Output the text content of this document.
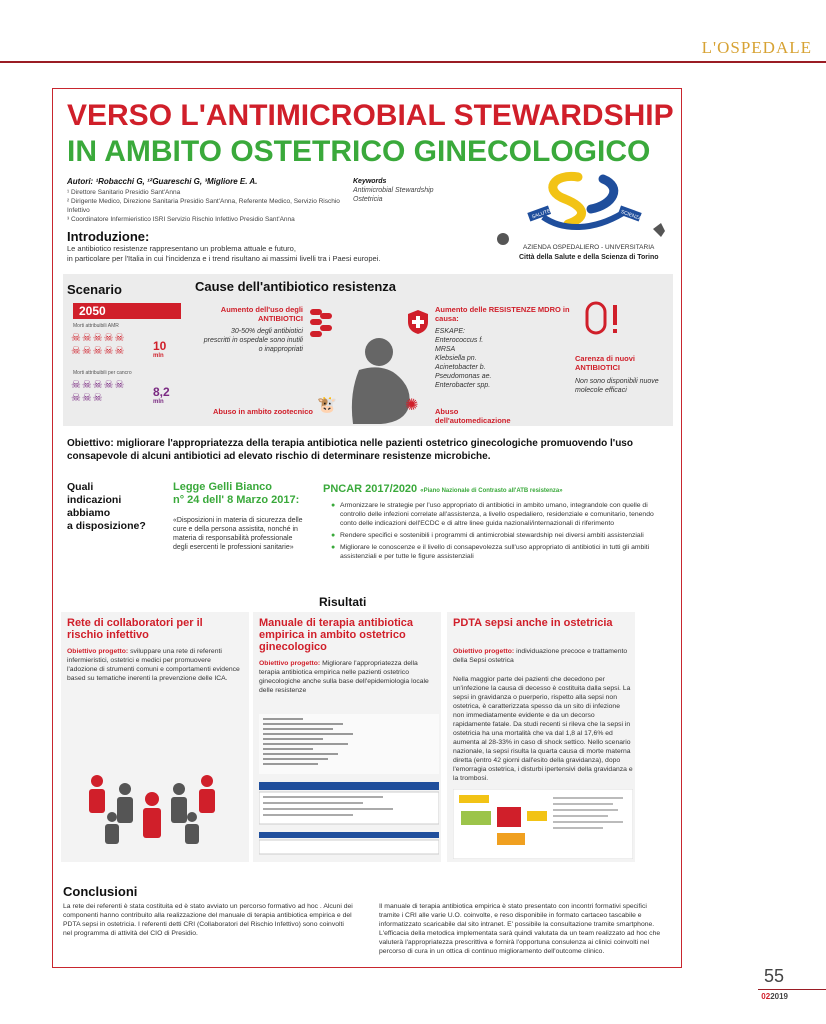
L'OSPEDALE
VERSO L'ANTIMICROBIAL STEWARDSHIP
IN AMBITO OSTETRICO GINECOLOGICO
Autori: ¹Robacchi G, ¹²Guareschi G, ³Migliore E. A.
¹ Direttore Sanitario Presidio Sant'Anna
² Dirigente Medico, Direzione Sanitaria Presidio Sant'Anna, Referente Medico, Servizio Rischio Infettivo
³ Coordinatore Infermieristico ISRI Servizio Rischio Infettivo Presidio Sant'Anna
Keywords
Antimicrobial Stewardship
Ostetricia
SALUTE	SCIENZA
AZIENDA OSPEDALIERO - UNIVERSITARIA
Città della Salute e della Scienza di Torino
Introduzione:

Le antibiotico resistenze rappresentano un problema attuale e futuro,

in particolare per l'Italia in cui l'incidenza e i trend risultano ai massimi livelli tra i Paesi europei.

Scenario	Cause dell'antibiotico resistenza
2050
Morti attribuibili AMR
☠☠☠☠☠
☠☠☠☠☠ 10
mln
Morti attribuibili per cancro
☠☠☠☠☠
☠☠☠	8,2
mln
Aumento dell'uso degli ANTIBIOTICI
30-50% degli antibiotici prescritti in ospedale sono inutili o inappropriati
Abuso in ambito zootecnico 🐮
Aumento delle RESISTENZE MDRO in causa:
ESKAPE:
Enterococcus f.
MRSA
Klebsiella pn.
Acinetobacter b.
Pseudomonas ae.
Enterobacter spp.
✺ Abuso dell'automedicazione
Carenza di nuovi ANTIBIOTICI
Non sono disponibili nuove molecole efficaci
Obiettivo: migliorare l'appropriatezza della terapia antibiotica nelle pazienti ostetrico ginecologiche promuovendo l'uso consapevole di alcuni antibiotici ad elevato rischio di determinare resistenze microbiche.
Quali
indicazioni
abbiamo
a disposizione?
Legge Gelli Bianco
n° 24 dell' 8 Marzo 2017:
«Disposizioni in materia di sicurezza delle cure e della persona assistita, nonché in materia di responsabilità professionale degli esercenti le professioni sanitarie»
PNCAR 2017/2020 «Piano Nazionale di Contrasto all'ATB resistenza»
● Armonizzare le strategie per l'uso appropriato di antibiotici in ambito umano, integrandole con quelle di controllo delle infezioni correlate all'assistenza, a livello ospedaliero, residenziale e comunitario, tenendo conto delle indicazioni dell'ECDC e di altre linee guida nazionali/internazionali di riferimento
● Rendere specifici e sostenibili i programmi di antimicrobial stewardship nei diversi ambiti assistenziali
● Migliorare le conoscenze e il livello di consapevolezza sull'uso appropriato di antibiotici in tutti gli ambiti assistenziali e per tutte le figure assistenziali
Risultati
Rete di collaboratori per il rischio infettivo
Obiettivo progetto: sviluppare una rete di referenti infermieristici, ostetrici e medici per promuovere l'adozione di strumenti comuni e comportamenti evidence based su tematiche inerenti la prevenzione delle ICA.
Manuale di terapia antibiotica empirica in ambito ostetrico ginecologico
Obiettivo progetto: Migliorare l'appropriatezza della terapia antibiotica empirica nelle pazienti ostetrico ginecologiche anche sulla base dell'epidemiologia locale delle resistenze
PDTA sepsi anche in ostetricia
Obiettivo progetto: individuazione precoce e trattamento della Sepsi ostetrica
Nella maggior parte dei pazienti che decedono per un'infezione la causa di decesso è costituita dalla sepsi. La sepsi in gravidanza o puerperio, rispetto alla sepsi non ostetrica, è caratterizzata spesso da un sito di infezione non immediatamente evidente e da un decorso rapidamente fatale. Da studi recenti si rileva che la sepsi in ostetricia ha una mortalità che va dal 1,8 al 17,6% ed aumenta al 28-33% in caso di shock settico. Nello scenario nazionale, la sepsi risulta la quarta causa di morte materna diretta (entro 42 giorni dall'esito della gravidanza), dopo l'emorragia ostetrica, i disturbi ipertensivi della gravidanza e la trombosi.
Conclusioni
La rete dei referenti è stata costituita ed è stato avviato un percorso formativo ad hoc . Alcuni dei componenti hanno contribuito alla realizzazione del manuale di terapia antibiotica empirica e del PDTA sepsi in ostetricia. I referenti detti CRI (Collaboratori del Rischio Infettivo) sono coinvolti nel programma di attività del CIO di Presidio.
Il manuale di terapia antibiotica empirica è stato presentato con incontri formativi specifici tramite i CRI alle varie U.O. coinvolte, e reso disponibile in formato cartaceo tascabile e informatizzato scaricabile dal sito intranet. E' possibile la consultazione tramite smartphone. L'efficacia della metodica implementata sarà quindi valutata da un team realizzato ad hoc che valuterà l'appropriatezza prescrittiva e fornirà l'opportuna consulenza ai clinici coinvolti nel percorso di cura in un ottica di continuo miglioramento dell'outcome clinico.
55
022019
